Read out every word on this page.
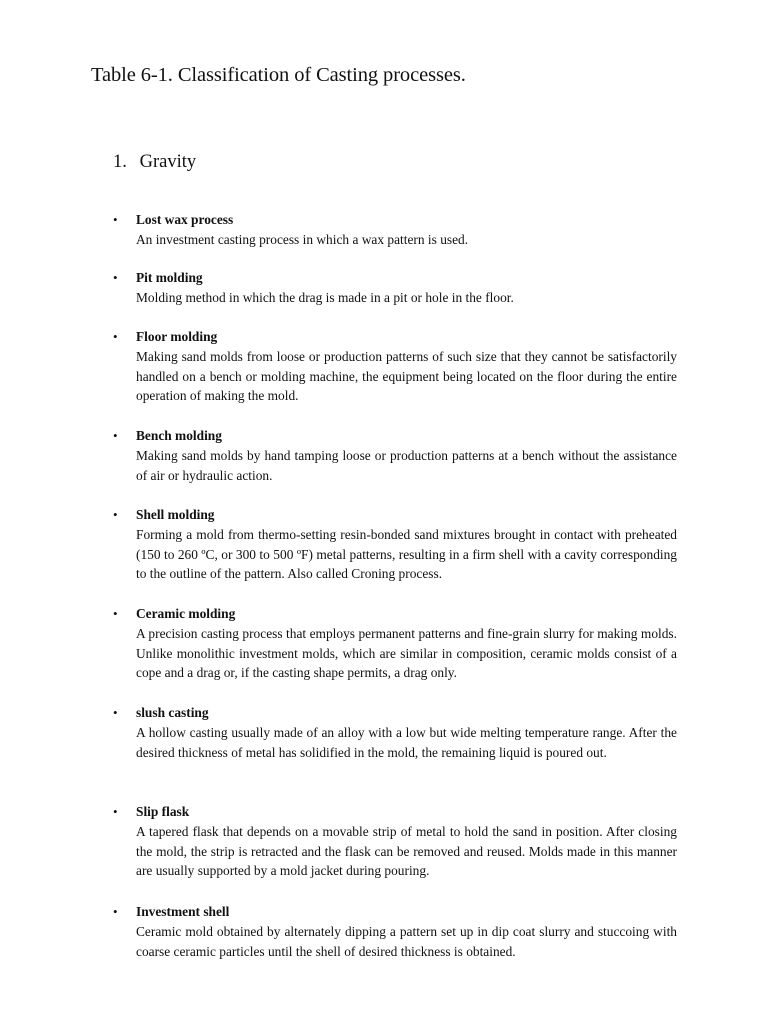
Table 6-1. Classification of Casting processes.
1. Gravity
• Lost wax process
An investment casting process in which a wax pattern is used.
• Pit molding
Molding method in which the drag is made in a pit or hole in the floor.
• Floor molding
Making sand molds from loose or production patterns of such size that they cannot be satisfactorily handled on a bench or molding machine, the equipment being located on the floor during the entire operation of making the mold.
• Bench molding
Making sand molds by hand tamping loose or production patterns at a bench without the assistance of air or hydraulic action.
• Shell molding
Forming a mold from thermo-setting resin-bonded sand mixtures brought in contact with preheated (150 to 260 ºC, or 300 to 500 ºF) metal patterns, resulting in a firm shell with a cavity corresponding to the outline of the pattern. Also called Croning process.
• Ceramic molding
A precision casting process that employs permanent patterns and fine-grain slurry for making molds. Unlike monolithic investment molds, which are similar in composition, ceramic molds consist of a cope and a drag or, if the casting shape permits, a drag only.
• slush casting
A hollow casting usually made of an alloy with a low but wide melting temperature range. After the desired thickness of metal has solidified in the mold, the remaining liquid is poured out.
• Slip flask
A tapered flask that depends on a movable strip of metal to hold the sand in position. After closing the mold, the strip is retracted and the flask can be removed and reused. Molds made in this manner are usually supported by a mold jacket during pouring.
• Investment shell
Ceramic mold obtained by alternately dipping a pattern set up in dip coat slurry and stuccoing with coarse ceramic particles until the shell of desired thickness is obtained.
